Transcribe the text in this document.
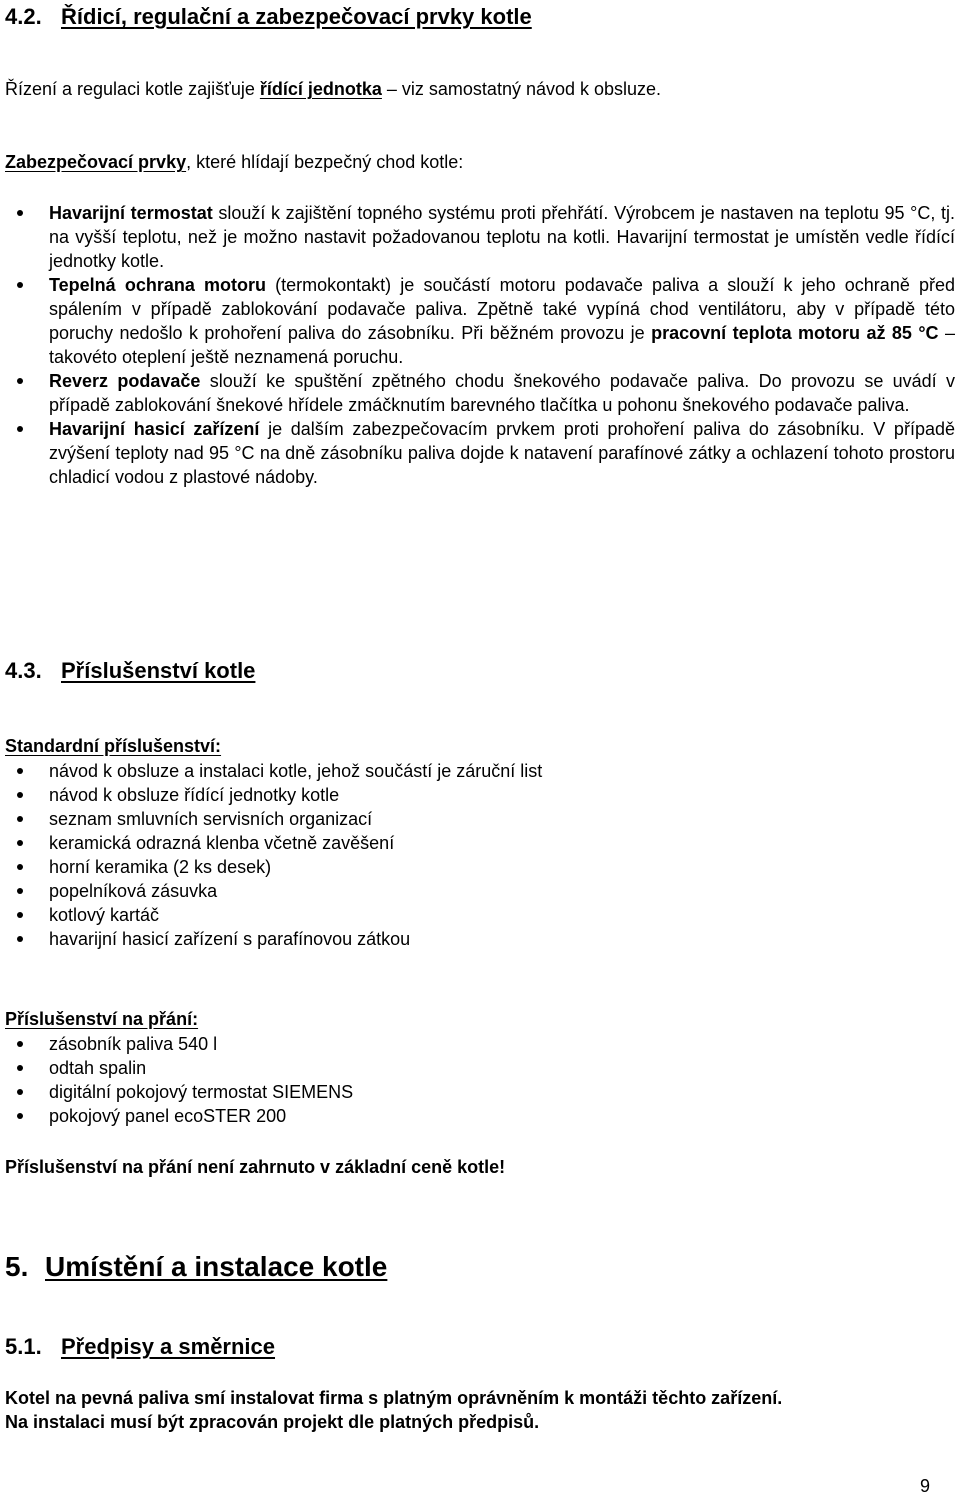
4.2. Řídicí, regulační a zabezpečovací prvky kotle

Řízení a regulaci kotle zajišťuje řídící jednotka – viz samostatný návod k obsluze.

Zabezpečovací prvky, které hlídají bezpečný chod kotle:

Havarijní termostat slouží k zajištění topného systému proti přehřátí. Výrobcem je nastaven na teplotu 95 °C, tj. na vyšší teplotu, než je možno nastavit požadovanou teplotu na kotli. Havarijní termostat je umístěn vedle řídící jednotky kotle.
Tepelná ochrana motoru (termokontakt) je součástí motoru podavače paliva a slouží k jeho ochraně před spálením v případě zablokování podavače paliva. Zpětně také vypíná chod ventilátoru, aby v případě této poruchy nedošlo k prohoření paliva do zásobníku. Při běžném provozu je pracovní teplota motoru až 85 °C – takovéto oteplení ještě neznamená poruchu.
Reverz podavače slouží ke spuštění zpětného chodu šnekového podavače paliva. Do provozu se uvádí v případě zablokování šnekové hřídele zmáčknutím barevného tlačítka u pohonu šnekového podavače paliva.
Havarijní hasicí zařízení je dalším zabezpečovacím prvkem proti prohoření paliva do zásobníku. V případě zvýšení teploty nad 95 °C na dně zásobníku paliva dojde k natavení parafínové zátky a ochlazení tohoto prostoru chladicí vodou z plastové nádoby.
4.3. Příslušenství kotle

Standardní příslušenství:

návod k obsluze a instalaci kotle, jehož součástí je záruční list
návod k obsluze řídící jednotky kotle
seznam smluvních servisních organizací
keramická odrazná klenba včetně zavěšení
horní keramika (2 ks desek)
popelníková zásuvka
kotlový kartáč
havarijní hasicí zařízení s parafínovou zátkou

Příslušenství na přání:

zásobník paliva 540 l
odtah spalin
digitální pokojový termostat SIEMENS
pokojový panel ecoSTER 200

Příslušenství na přání není zahrnuto v základní ceně kotle!

5. Umístění a instalace kotle
5.1. Předpisy a směrnice

Kotel na pevná paliva smí instalovat firma s platným oprávněním k montáži těchto zařízení.

Na instalaci musí být zpracován projekt dle platných předpisů.

9
